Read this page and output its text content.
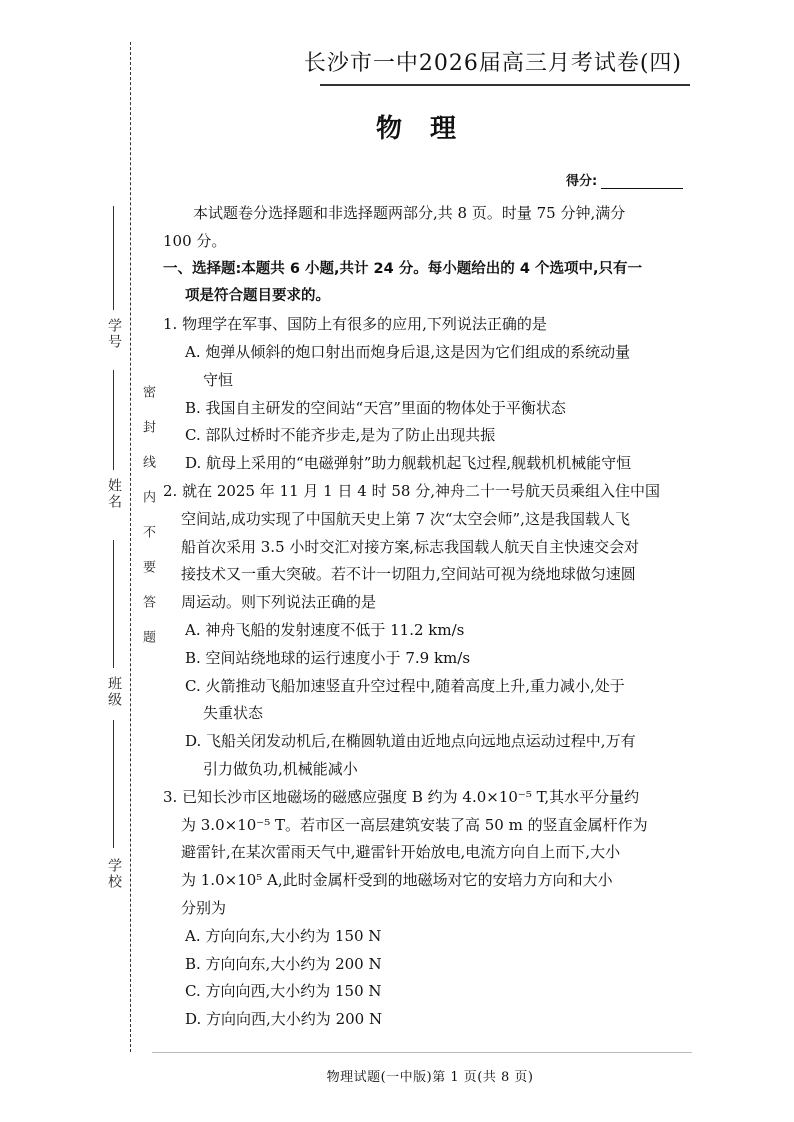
学校
班级
姓名
学号
密封线内不要答题
长沙市一中2026届高三月考试卷(四)
物理
得分:

本试题卷分选择题和非选择题两部分,共 8 页。时量 75 分钟,满分

100 分。

一、选择题:本题共 6 小题,共计 24 分。每小题给出的 4 个选项中,只有一
项是符合题目要求的。

1. 物理学在军事、国防上有很多的应用,下列说法正确的是

A. 炮弹从倾斜的炮口射出而炮身后退,这是因为它们组成的系统动量
守恒

B. 我国自主研发的空间站“天宫”里面的物体处于平衡状态

C. 部队过桥时不能齐步走,是为了防止出现共振

D. 航母上采用的“电磁弹射”助力舰载机起飞过程,舰载机机械能守恒

2. 就在 2025 年 11 月 1 日 4 时 58 分,神舟二十一号航天员乘组入住中国
空间站,成功实现了中国航天史上第 7 次“太空会师”,这是我国载人飞
船首次采用 3.5 小时交汇对接方案,标志我国载人航天自主快速交会对
接技术又一重大突破。若不计一切阻力,空间站可视为绕地球做匀速圆
周运动。则下列说法正确的是

A. 神舟飞船的发射速度不低于 11.2 km/s

B. 空间站绕地球的运行速度小于 7.9 km/s

C. 火箭推动飞船加速竖直升空过程中,随着高度上升,重力减小,处于
失重状态

D. 飞船关闭发动机后,在椭圆轨道由近地点向远地点运动过程中,万有
引力做负功,机械能减小

3. 已知长沙市区地磁场的磁感应强度 B 约为 4.0×10⁻⁵ T,其水平分量约
为 3.0×10⁻⁵ T。若市区一高层建筑安装了高 50 m 的竖直金属杆作为
避雷针,在某次雷雨天气中,避雷针开始放电,电流方向自上而下,大小
为 1.0×10⁵ A,此时金属杆受到的地磁场对它的安培力方向和大小
分别为

A. 方向向东,大小约为 150 N

B. 方向向东,大小约为 200 N

C. 方向向西,大小约为 150 N

D. 方向向西,大小约为 200 N

物理试题(一中版)第 1 页(共 8 页)
